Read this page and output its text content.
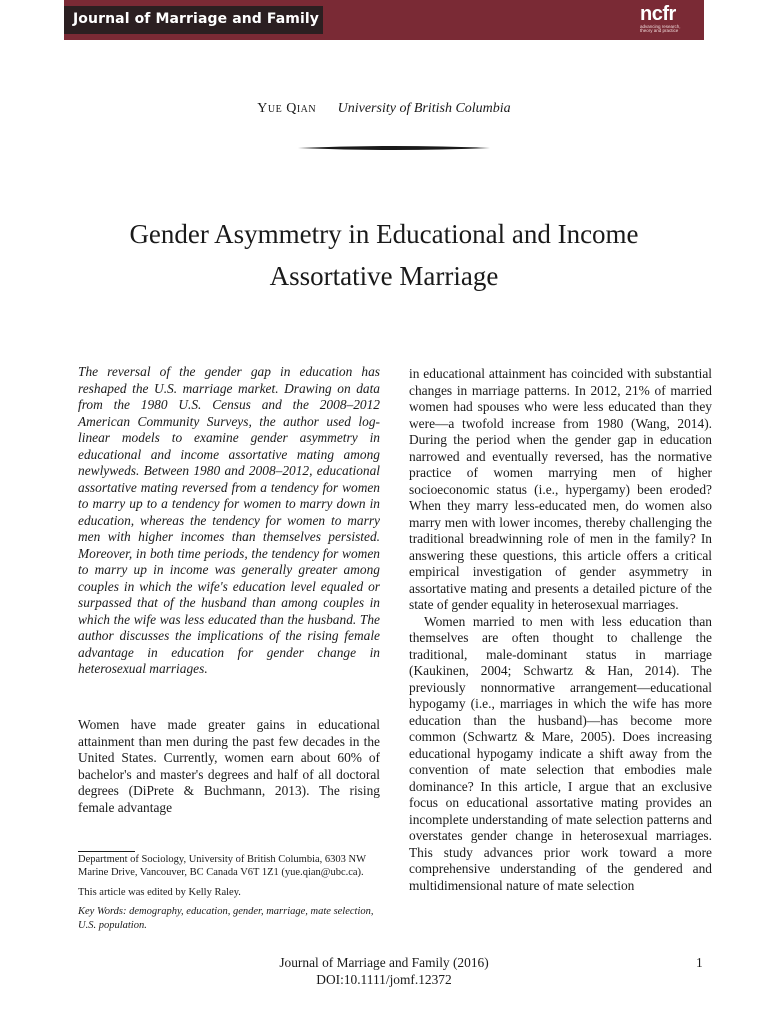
Journal of Marriage and Family	ncfr
advancing research,
theory and practice
Yue Qian University of British Columbia
Gender Asymmetry in Educational and Income
Assortative Marriage

The reversal of the gender gap in education has reshaped the U.S. marriage market. Drawing on data from the 1980 U.S. Census and the 2008–2012 American Community Surveys, the author used log-linear models to examine gender asymmetry in educational and income assortative mating among newlyweds. Between 1980 and 2008–2012, educational assortative mating reversed from a tendency for women to marry up to a tendency for women to marry down in education, whereas the tendency for women to marry men with higher incomes than themselves persisted. Moreover, in both time periods, the tendency for women to marry up in income was generally greater among couples in which the wife's education level equaled or surpassed that of the husband than among couples in which the wife was less educated than the husband. The author discusses the implications of the rising female advantage in education for gender change in heterosexual marriages.

Women have made greater gains in educational attainment than men during the past few decades in the United States. Currently, women earn about 60% of bachelor's and master's degrees and half of all doctoral degrees (DiPrete & Buchmann, 2013). The rising female advantage

in educational attainment has coincided with substantial changes in marriage patterns. In 2012, 21% of married women had spouses who were less educated than they were—a twofold increase from 1980 (Wang, 2014). During the period when the gender gap in education narrowed and eventually reversed, has the normative practice of women marrying men of higher socioeconomic status (i.e., hypergamy) been eroded? When they marry less-educated men, do women also marry men with lower incomes, thereby challenging the traditional breadwinning role of men in the family? In answering these questions, this article offers a critical empirical investigation of gender asymmetry in assortative mating and presents a detailed picture of the state of gender equality in heterosexual marriages.

Women married to men with less education than themselves are often thought to challenge the traditional, male-dominant status in marriage (Kaukinen, 2004; Schwartz & Han, 2014). The previously nonnormative arrangement—educational hypogamy (i.e., marriages in which the wife has more education than the husband)—has become more common (Schwartz & Mare, 2005). Does increasing educational hypogamy indicate a shift away from the convention of mate selection that embodies male dominance? In this article, I argue that an exclusive focus on educational assortative mating provides an incomplete understanding of mate selection patterns and overstates gender change in heterosexual marriages. This study advances prior work toward a more comprehensive understanding of the gendered and multidimensional nature of mate selection

Department of Sociology, University of British Columbia, 6303 NW Marine Drive, Vancouver, BC Canada V6T 1Z1 (yue.qian@ubc.ca).

This article was edited by Kelly Raley.

Key Words: demography, education, gender, marriage, mate selection, U.S. population.

Journal of Marriage and Family (2016)
DOI:10.1111/jomf.12372
1
